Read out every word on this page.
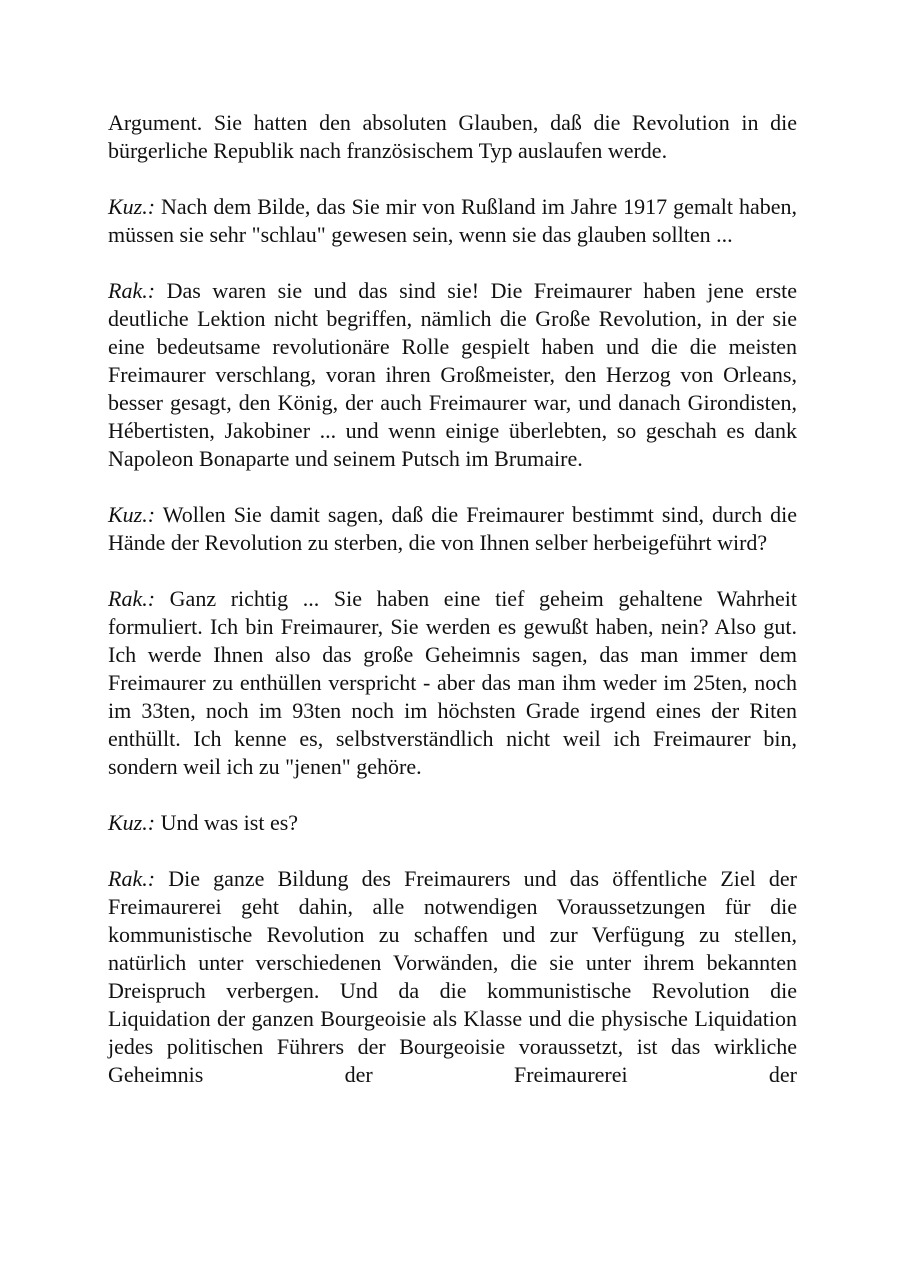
Argument. Sie hatten den absoluten Glauben, daß die Revolution in die bürgerliche Republik nach französischem Typ auslaufen werde.

Kuz.: Nach dem Bilde, das Sie mir von Rußland im Jahre 1917 gemalt haben, müssen sie sehr "schlau" gewesen sein, wenn sie das glauben sollten ...

Rak.: Das waren sie und das sind sie! Die Freimaurer haben jene erste deutliche Lektion nicht begriffen, nämlich die Große Revolution, in der sie eine bedeutsame revolutionäre Rolle gespielt haben und die die meisten Freimaurer verschlang, voran ihren Großmeister, den Herzog von Orleans, besser gesagt, den König, der auch Freimaurer war, und danach Girondisten, Hébertisten, Jakobiner ... und wenn einige überlebten, so geschah es dank Napoleon Bonaparte und seinem Putsch im Brumaire.

Kuz.: Wollen Sie damit sagen, daß die Freimaurer bestimmt sind, durch die Hände der Revolution zu sterben, die von Ihnen selber herbeigeführt wird?

Rak.: Ganz richtig ... Sie haben eine tief geheim gehaltene Wahrheit formuliert. Ich bin Freimaurer, Sie werden es gewußt haben, nein? Also gut. Ich werde Ihnen also das große Geheimnis sagen, das man immer dem Freimaurer zu enthüllen verspricht - aber das man ihm weder im 25ten, noch im 33ten, noch im 93ten noch im höchsten Grade irgend eines der Riten enthüllt. Ich kenne es, selbstverständlich nicht weil ich Freimaurer bin, sondern weil ich zu "jenen" gehöre.

Kuz.: Und was ist es?

Rak.: Die ganze Bildung des Freimaurers und das öffentliche Ziel der Freimaurerei geht dahin, alle notwendigen Voraussetzungen für die kommunistische Revolution zu schaffen und zur Verfügung zu stellen, natürlich unter verschiedenen Vorwänden, die sie unter ihrem bekannten Dreispruch verbergen. Und da die kommunistische Revolution die Liquidation der ganzen Bourgeoisie als Klasse und die physische Liquidation jedes politischen Führers der Bourgeoisie voraussetzt, ist das wirkliche Geheimnis der Freimaurerei der
